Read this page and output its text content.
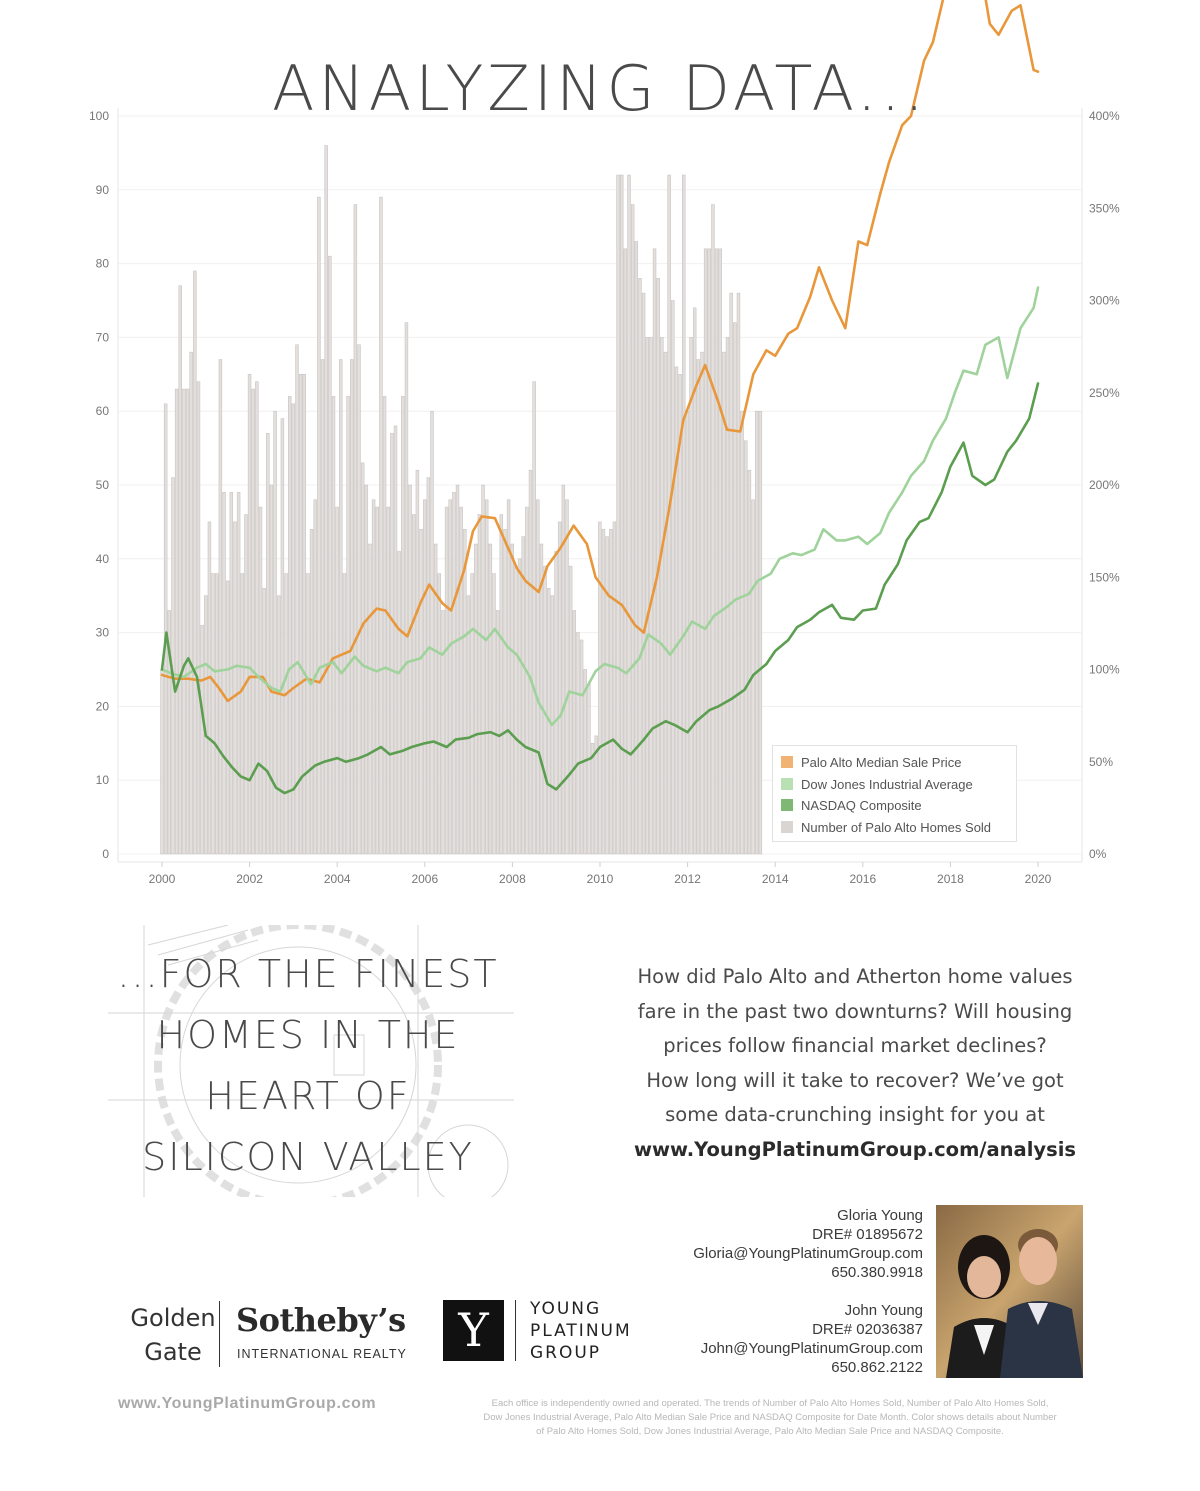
100
90
80
70
60
50
40
30
20
10
0
400%
350%
300%
250%
200%
150%
100%
50%
0%
2000	2002	2004	2006	2008	2010	2012	2014	2016	2018	2020
ANALYZING DATA...
Palo Alto Median Sale Price
Dow Jones Industrial Average
NASDAQ Composite
Number of Palo Alto Homes Sold
...FOR THE FINEST
HOMES IN THE
HEART OF
SILICON VALLEY
How did Palo Alto and Atherton home values
fare in the past two downturns? Will housing
prices follow financial market declines?
How long will it take to recover? We’ve got
some data-crunching insight for you at
www.YoungPlatinumGroup.com/analysis
Gloria Young
DRE# 01895672
Gloria@YoungPlatinumGroup.com
650.380.9918
John Young
DRE# 02036387
John@YoungPlatinumGroup.com
650.862.2122
Golden
Gate
Sotheby’s
INTERNATIONAL REALTY	Y	YOUNG
PLATINUM
GROUP
www.YoungPlatinumGroup.com	Each office is independently owned and operated. The trends of Number of Palo Alto Homes Sold, Number of Palo Alto Homes Sold,
Dow Jones Industrial Average, Palo Alto Median Sale Price and NASDAQ Composite for Date Month. Color shows details about Number
of Palo Alto Homes Sold, Dow Jones Industrial Average, Palo Alto Median Sale Price and NASDAQ Composite.
